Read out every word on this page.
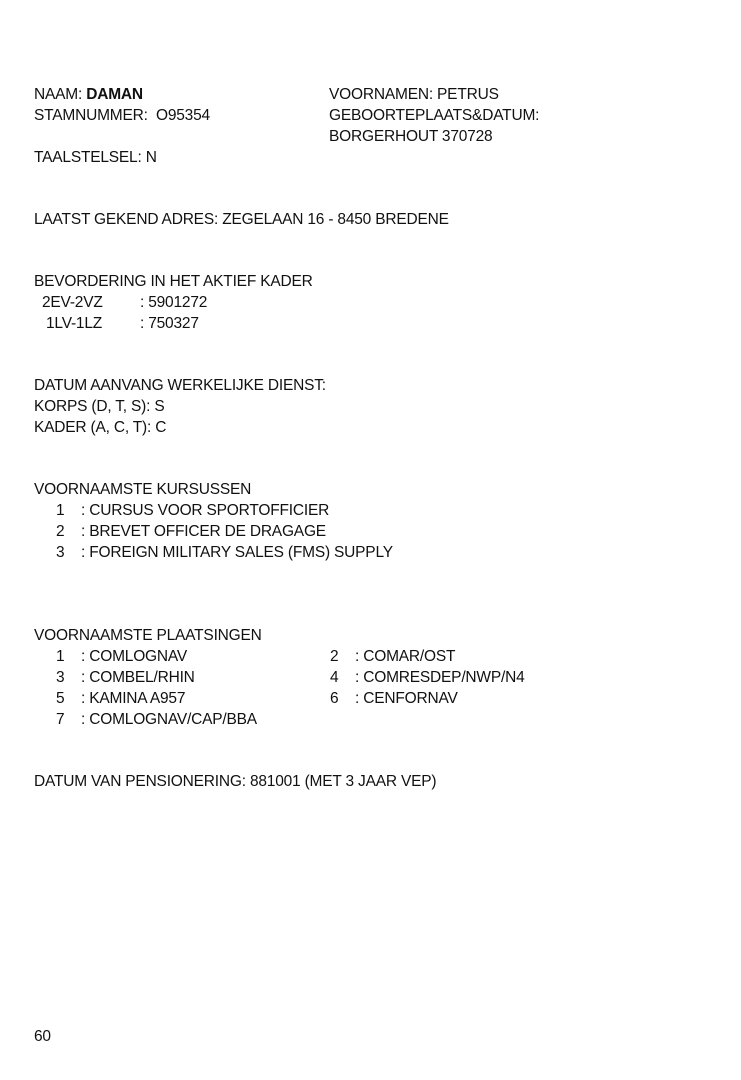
NAAM: DAMAN
STAMNUMMER: O95354
VOORNAMEN: PETRUS
GEBOORTEPLAATS&DATUM:
BORGERHOUT 370728
TAALSTELSEL: N
LAATST GEKEND ADRES: ZEGELAAN 16 - 8450 BREDENE
BEVORDERING IN HET AKTIEF KADER
2EV-2VZ : 5901272
1LV-1LZ : 750327
DATUM AANVANG WERKELIJKE DIENST:
KORPS (D, T, S): S
KADER (A, C, T): C
VOORNAAMSTE KURSUSSEN
1 : CURSUS VOOR SPORTOFFICIER
2 : BREVET OFFICER DE DRAGAGE
3 : FOREIGN MILITARY SALES (FMS) SUPPLY
VOORNAAMSTE PLAATSINGEN
1 : COMLOGNAV	2 : COMAR/OST
3 : COMBEL/RHIN	4 : COMRESDEP/NWP/N4
5 : KAMINA A957	6 : CENFORNAV
7 : COMLOGNAV/CAP/BBA
DATUM VAN PENSIONERING: 881001 (MET 3 JAAR VEP)
60
